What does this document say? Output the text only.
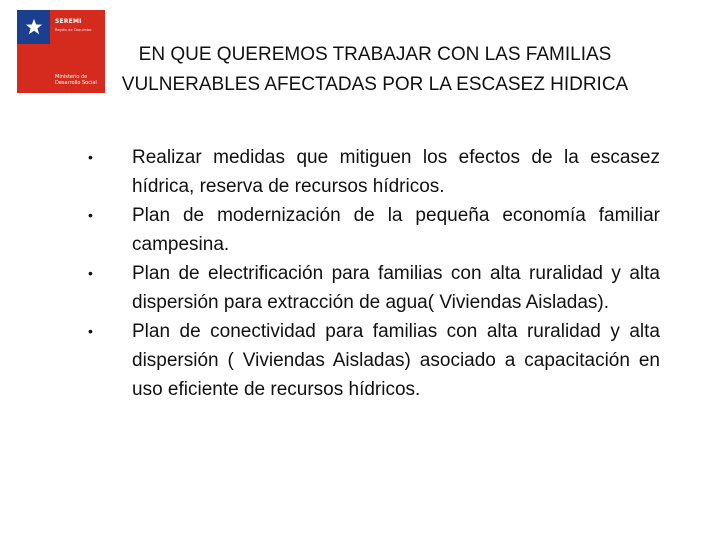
SEREMI
Región de Coquimbo
Ministerio de Desarrollo Social
EN QUE QUEREMOS TRABAJAR CON LAS FAMILIAS
VULNERABLES AFECTADAS POR LA ESCASEZ HIDRICA
•	Realizar medidas que mitiguen los efectos de la escasez hídrica, reserva de recursos hídricos.

•	Plan de modernización de la pequeña economía familiar campesina.

•	Plan de electrificación para familias con alta ruralidad y alta dispersión para extracción de agua( Viviendas Aisladas).

•	Plan de conectividad para familias con alta ruralidad y alta dispersión ( Viviendas Aisladas) asociado a capacitación en uso eficiente de recursos hídricos.
